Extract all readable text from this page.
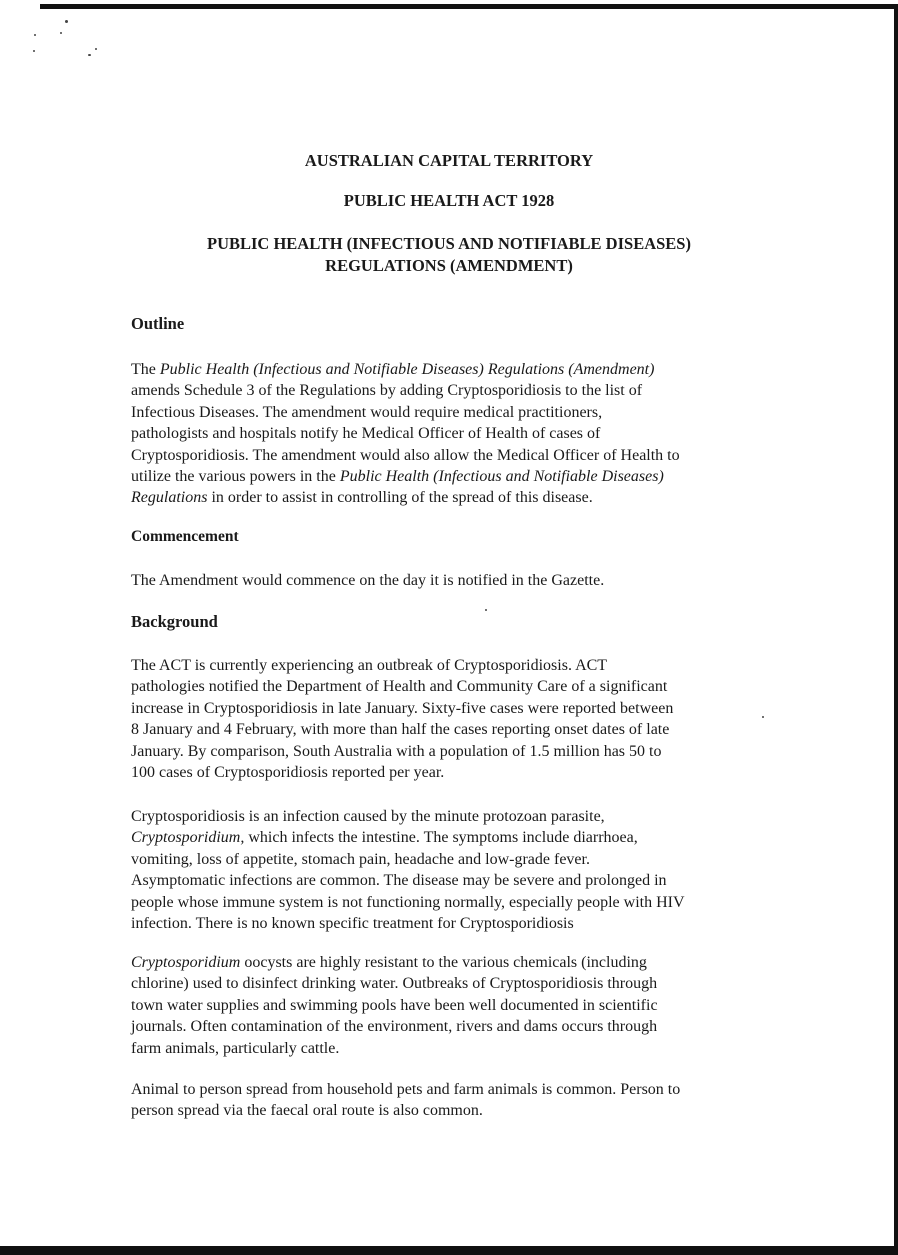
AUSTRALIAN CAPITAL TERRITORY
PUBLIC HEALTH ACT 1928
PUBLIC HEALTH (INFECTIOUS AND NOTIFIABLE DISEASES)
REGULATIONS (AMENDMENT)
Outline

The Public Health (Infectious and Notifiable Diseases) Regulations (Amendment)

amends Schedule 3 of the Regulations by adding Cryptosporidiosis to the list of

Infectious Diseases. The amendment would require medical practitioners,

pathologists and hospitals notify he Medical Officer of Health of cases of

Cryptosporidiosis. The amendment would also allow the Medical Officer of Health to

utilize the various powers in the Public Health (Infectious and Notifiable Diseases)

Regulations in order to assist in controlling of the spread of this disease.

Commencement

The Amendment would commence on the day it is notified in the Gazette.

Background

The ACT is currently experiencing an outbreak of Cryptosporidiosis. ACT

pathologies notified the Department of Health and Community Care of a significant

increase in Cryptosporidiosis in late January. Sixty-five cases were reported between

8 January and 4 February, with more than half the cases reporting onset dates of late

January. By comparison, South Australia with a population of 1.5 million has 50 to

100 cases of Cryptosporidiosis reported per year.

Cryptosporidiosis is an infection caused by the minute protozoan parasite,

Cryptosporidium, which infects the intestine. The symptoms include diarrhoea,

vomiting, loss of appetite, stomach pain, headache and low-grade fever.

Asymptomatic infections are common. The disease may be severe and prolonged in

people whose immune system is not functioning normally, especially people with HIV

infection. There is no known specific treatment for Cryptosporidiosis

Cryptosporidium oocysts are highly resistant to the various chemicals (including

chlorine) used to disinfect drinking water. Outbreaks of Cryptosporidiosis through

town water supplies and swimming pools have been well documented in scientific

journals. Often contamination of the environment, rivers and dams occurs through

farm animals, particularly cattle.

Animal to person spread from household pets and farm animals is common. Person to

person spread via the faecal oral route is also common.
